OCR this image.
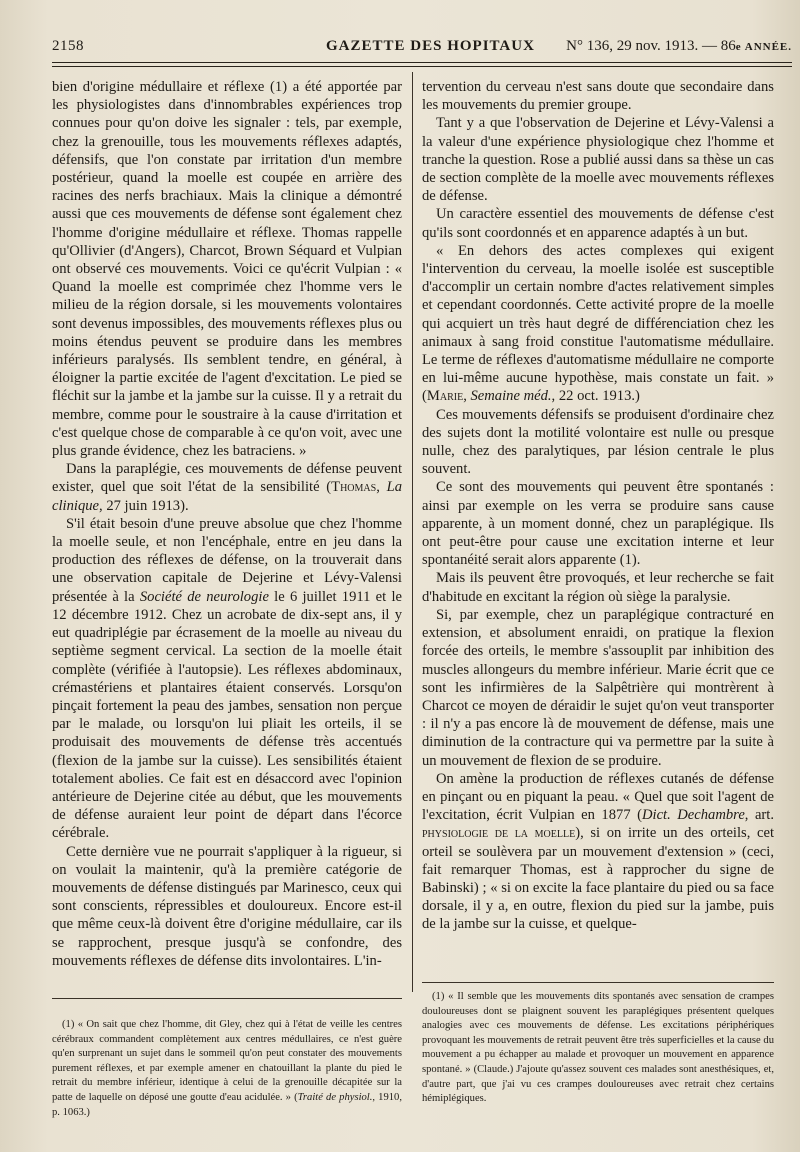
2158	GAZETTE DES HOPITAUX N° 136, 29 nov. 1913. — 86e ANNÉE.

bien d'origine médullaire et réflexe (1) a été apportée par les physiologistes dans d'innombrables expériences trop connues pour qu'on doive les signaler : tels, par exemple, chez la grenouille, tous les mouvements réflexes adaptés, défensifs, que l'on constate par irritation d'un membre postérieur, quand la moelle est coupée en arrière des racines des nerfs brachiaux. Mais la clinique a démontré aussi que ces mouvements de défense sont également chez l'homme d'origine médullaire et réflexe. Thomas rappelle qu'Ollivier (d'Angers), Charcot, Brown Séquard et Vulpian ont observé ces mouvements. Voici ce qu'écrit Vulpian : « Quand la moelle est comprimée chez l'homme vers le milieu de la région dorsale, si les mouvements volontaires sont devenus impossibles, des mouvements réflexes plus ou moins étendus peuvent se produire dans les membres inférieurs paralysés. Ils semblent tendre, en général, à éloigner la partie excitée de l'agent d'excitation. Le pied se fléchit sur la jambe et la jambe sur la cuisse. Il y a retrait du membre, comme pour le soustraire à la cause d'irritation et c'est quelque chose de comparable à ce qu'on voit, avec une plus grande évidence, chez les batraciens. »

Dans la paraplégie, ces mouvements de défense peuvent exister, quel que soit l'état de la sensibilité (Thomas, La clinique, 27 juin 1913).

S'il était besoin d'une preuve absolue que chez l'homme la moelle seule, et non l'encéphale, entre en jeu dans la production des réflexes de défense, on la trouverait dans une observation capitale de Dejerine et Lévy-Valensi présentée à la Société de neurologie le 6 juillet 1911 et le 12 décembre 1912. Chez un acrobate de dix-sept ans, il y eut quadriplégie par écrasement de la moelle au niveau du septième segment cervical. La section de la moelle était complète (vérifiée à l'autopsie). Les réflexes abdominaux, crémastériens et plantaires étaient conservés. Lorsqu'on pinçait fortement la peau des jambes, sensation non perçue par le malade, ou lorsqu'on lui pliait les orteils, il se produisait des mouvements de défense très accentués (flexion de la jambe sur la cuisse). Les sensibilités étaient totalement abolies. Ce fait est en désaccord avec l'opinion antérieure de Dejerine citée au début, que les mouvements de défense auraient leur point de départ dans l'écorce cérébrale.

Cette dernière vue ne pourrait s'appliquer à la rigueur, si on voulait la maintenir, qu'à la première catégorie de mouvements de défense distingués par Marinesco, ceux qui sont conscients, répressibles et douloureux. Encore est-il que même ceux-là doivent être d'origine médullaire, car ils se rapprochent, presque jusqu'à se confondre, des mouvements réflexes de défense dits involontaires. L'in-

tervention du cerveau n'est sans doute que secondaire dans les mouvements du premier groupe.

Tant y a que l'observation de Dejerine et Lévy-Valensi a la valeur d'une expérience physiologique chez l'homme et tranche la question. Rose a publié aussi dans sa thèse un cas de section complète de la moelle avec mouvements réflexes de défense.

Un caractère essentiel des mouvements de défense c'est qu'ils sont coordonnés et en apparence adaptés à un but.

« En dehors des actes complexes qui exigent l'intervention du cerveau, la moelle isolée est susceptible d'accomplir un certain nombre d'actes relativement simples et cependant coordonnés. Cette activité propre de la moelle qui acquiert un très haut degré de différenciation chez les animaux à sang froid constitue l'automatisme médullaire. Le terme de réflexes d'automatisme médullaire ne comporte en lui-même aucune hypothèse, mais constate un fait. » (Marie, Semaine méd., 22 oct. 1913.)

Ces mouvements défensifs se produisent d'ordinaire chez des sujets dont la motilité volontaire est nulle ou presque nulle, chez des paralytiques, par lésion centrale le plus souvent.

Ce sont des mouvements qui peuvent être spontanés : ainsi par exemple on les verra se produire sans cause apparente, à un moment donné, chez un paraplégique. Ils ont peut-être pour cause une excitation interne et leur spontanéité serait alors apparente (1).

Mais ils peuvent être provoqués, et leur recherche se fait d'habitude en excitant la région où siège la paralysie.

Si, par exemple, chez un paraplégique contracturé en extension, et absolument enraidi, on pratique la flexion forcée des orteils, le membre s'assouplit par inhibition des muscles allongeurs du membre inférieur. Marie écrit que ce sont les infirmières de la Salpêtrière qui montrèrent à Charcot ce moyen de déraidir le sujet qu'on veut transporter : il n'y a pas encore là de mouvement de défense, mais une diminution de la contracture qui va permettre par la suite à un mouvement de flexion de se produire.

On amène la production de réflexes cutanés de défense en pinçant ou en piquant la peau. « Quel que soit l'agent de l'excitation, écrit Vulpian en 1877 (Dict. Dechambre, art. physiologie de la moelle), si on irrite un des orteils, cet orteil se soulèvera par un mouvement d'extension » (ceci, fait remarquer Thomas, est à rapprocher du signe de Babinski) ; « si on excite la face plantaire du pied ou sa face dorsale, il y a, en outre, flexion du pied sur la jambe, puis de la jambe sur la cuisse, et quelque-

(1) « On sait que chez l'homme, dit Gley, chez qui à l'état de veille les centres cérébraux commandent complètement aux centres médullaires, ce n'est guère qu'en surprenant un sujet dans le sommeil qu'on peut constater des mouvements purement réflexes, et par exemple amener en chatouillant la plante du pied le retrait du membre inférieur, identique à celui de la grenouille décapitée sur la patte de laquelle on déposé une goutte d'eau acidulée. » (Traité de physiol., 1910, p. 1063.)

(1) « Il semble que les mouvements dits spontanés avec sensation de crampes douloureuses dont se plaignent souvent les paraplégiques présentent quelques analogies avec ces mouvements de défense. Les excitations périphériques provoquant les mouvements de retrait peuvent être très superficielles et la cause du mouvement a pu échapper au malade et provoquer un mouvement en apparence spontané. » (Claude.) J'ajoute qu'assez souvent ces malades sont anesthésiques, et, d'autre part, que j'ai vu ces crampes douloureuses avec retrait chez certains hémiplégiques.
